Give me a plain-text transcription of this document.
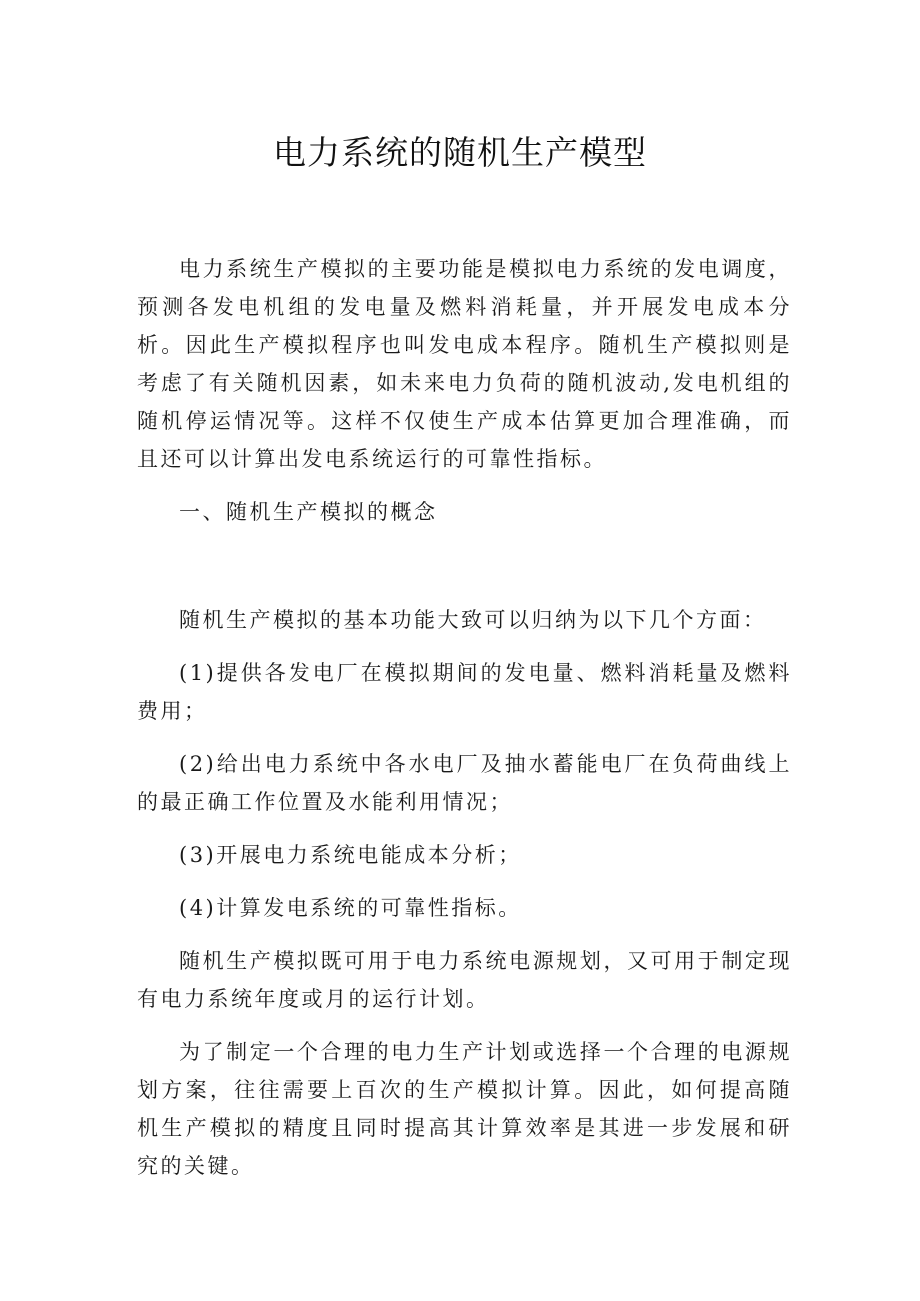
电力系统的随机生产模型

电力系统生产模拟的主要功能是模拟电力系统的发电调度，预测各发电机组的发电量及燃料消耗量，并开展发电成本分析。因此生产模拟程序也叫发电成本程序。随机生产模拟则是考虑了有关随机因素，如未来电力负荷的随机波动,发电机组的随机停运情况等。这样不仅使生产成本估算更加合理准确，而且还可以计算出发电系统运行的可靠性指标。

一、随机生产模拟的概念

随机生产模拟的基本功能大致可以归纳为以下几个方面：

(1)提供各发电厂在模拟期间的发电量、燃料消耗量及燃料费用；

(2)给出电力系统中各水电厂及抽水蓄能电厂在负荷曲线上的最正确工作位置及水能利用情况；

(3)开展电力系统电能成本分析；

(4)计算发电系统的可靠性指标。

随机生产模拟既可用于电力系统电源规划，又可用于制定现有电力系统年度或月的运行计划。

为了制定一个合理的电力生产计划或选择一个合理的电源规划方案，往往需要上百次的生产模拟计算。因此，如何提高随机生产模拟的精度且同时提高其计算效率是其进一步发展和研究的关键。
